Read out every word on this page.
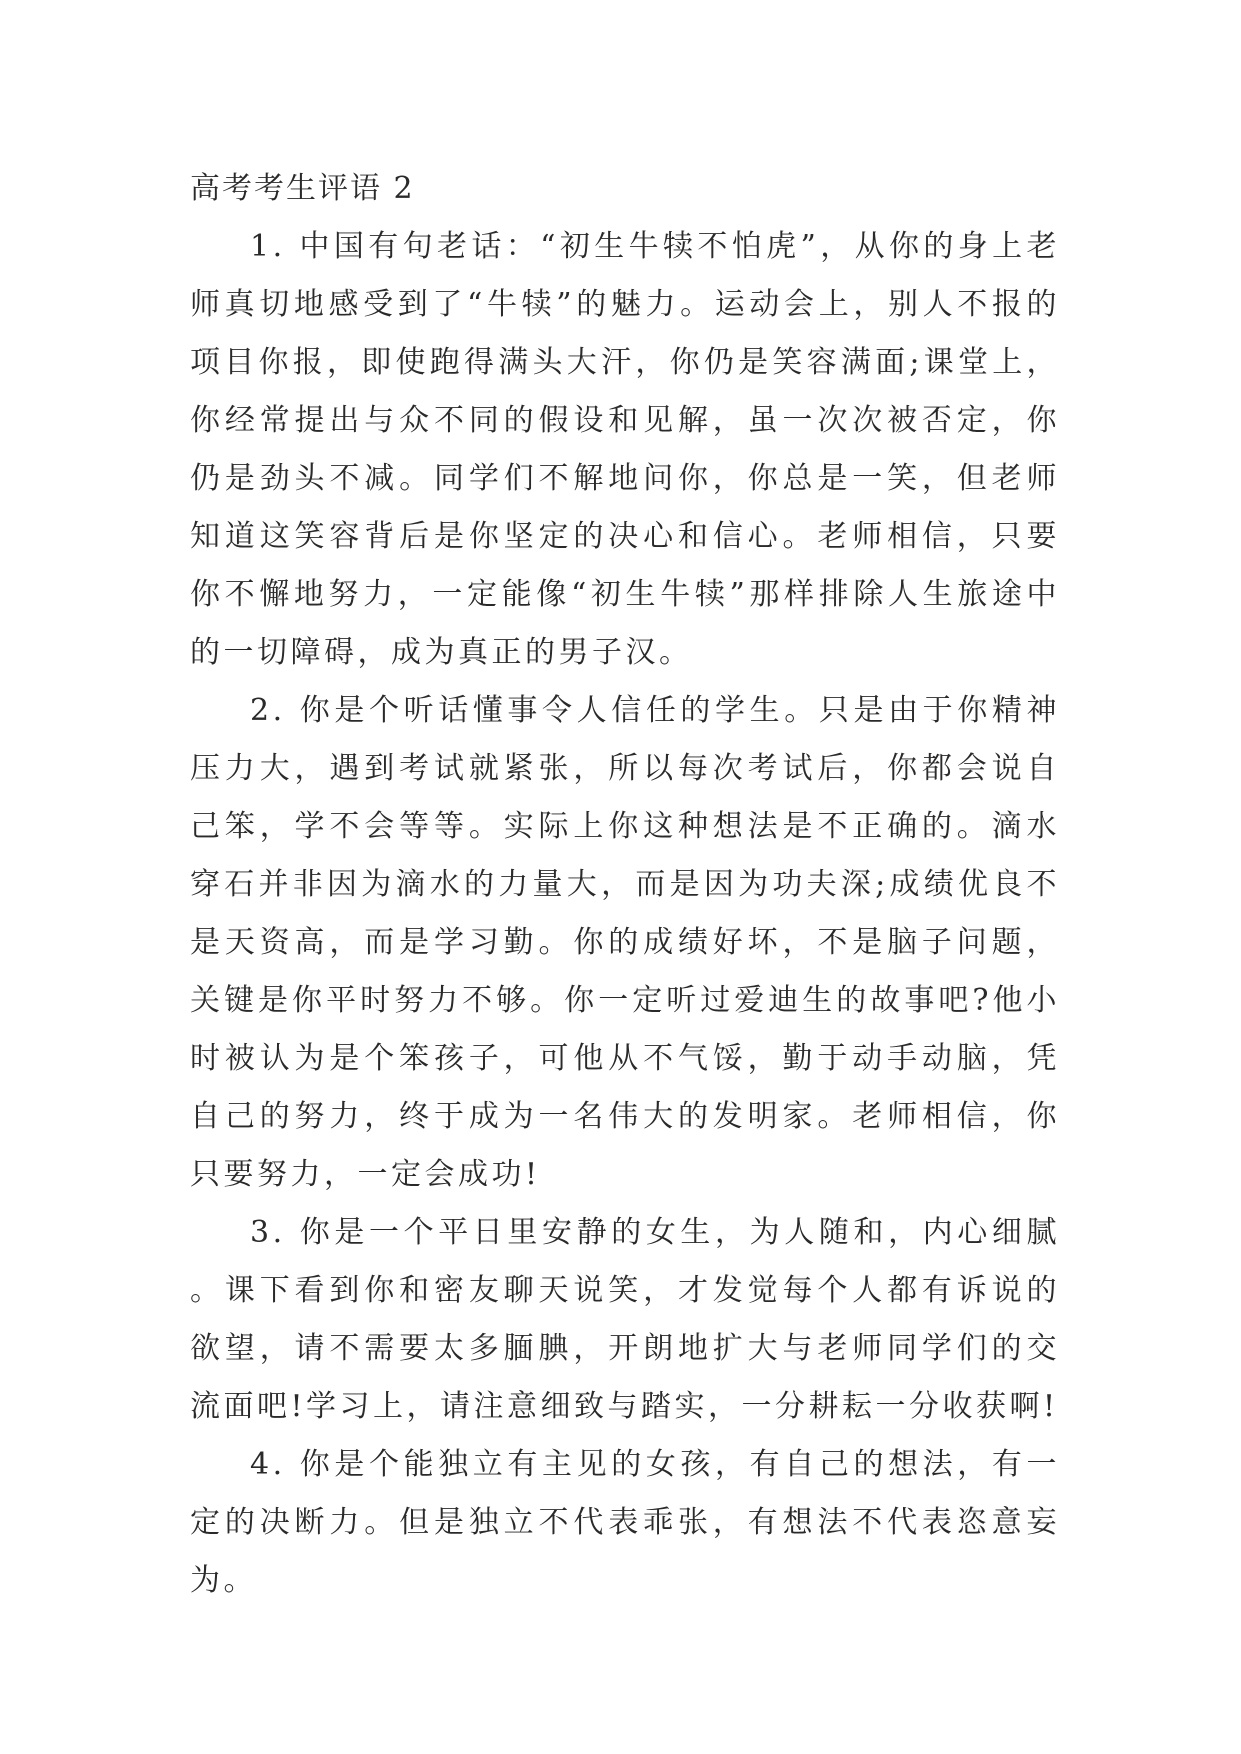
高考考生评语 2

1. 中国有句老话：“初生牛犊不怕虎”，从你的身上老师真切地感受到了“牛犊”的魅力。运动会上，别人不报的项目你报，即使跑得满头大汗，你仍是笑容满面;课堂上，你经常提出与众不同的假设和见解，虽一次次被否定，你仍是劲头不减。同学们不解地问你，你总是一笑，但老师知道这笑容背后是你坚定的决心和信心。老师相信，只要你不懈地努力，一定能像“初生牛犊”那样排除人生旅途中的一切障碍，成为真正的男子汉。

2. 你是个听话懂事令人信任的学生。只是由于你精神压力大，遇到考试就紧张，所以每次考试后，你都会说自己笨，学不会等等。实际上你这种想法是不正确的。滴水穿石并非因为滴水的力量大，而是因为功夫深;成绩优良不是天资高，而是学习勤。你的成绩好坏，不是脑子问题，关键是你平时努力不够。你一定听过爱迪生的故事吧?他小时被认为是个笨孩子，可他从不气馁，勤于动手动脑，凭自己的努力，终于成为一名伟大的发明家。老师相信，你只要努力，一定会成功!

3. 你是一个平日里安静的女生，为人随和，内心细腻。课下看到你和密友聊天说笑，才发觉每个人都有诉说的欲望，请不需要太多腼腆，开朗地扩大与老师同学们的交流面吧!学习上，请注意细致与踏实，一分耕耘一分收获啊!

4. 你是个能独立有主见的女孩，有自己的想法，有一定的决断力。但是独立不代表乖张，有想法不代表恣意妄为。
